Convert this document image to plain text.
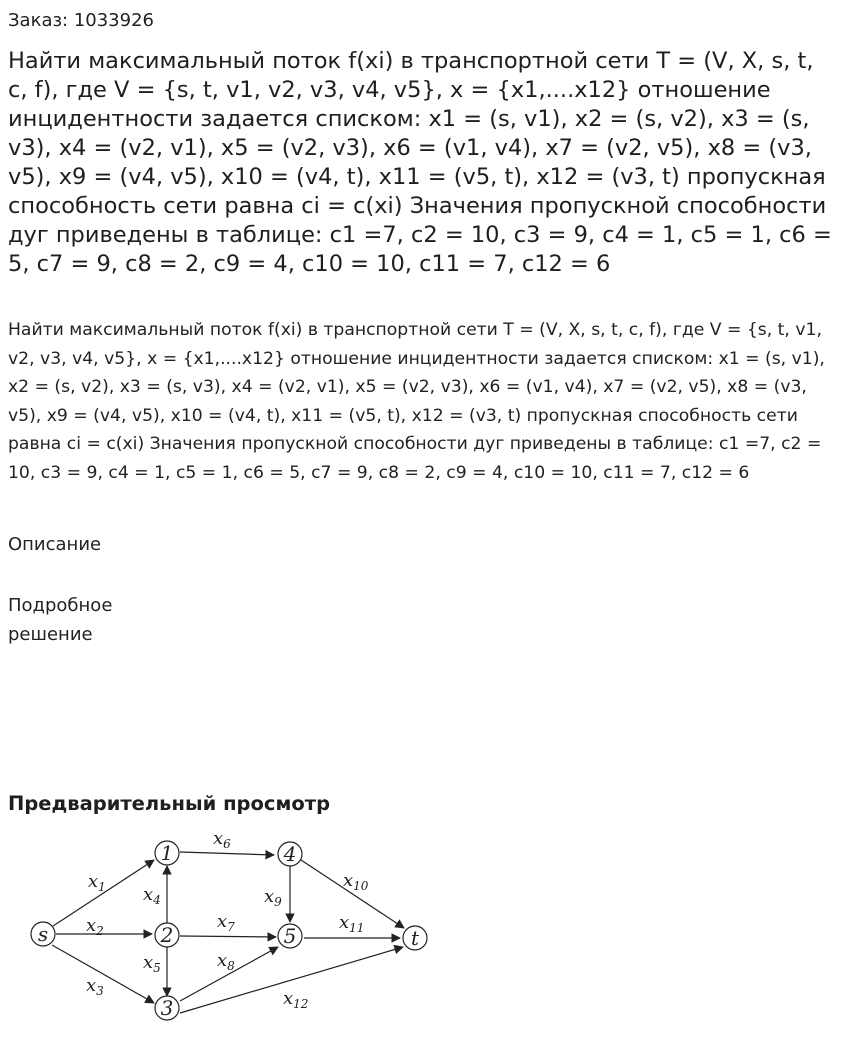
Заказ: 1033926
Найти максимальный поток f(xi) в транспортной сети T = (V, X, s, t, c, f), где V = {s, t, v1, v2, v3, v4, v5}, x = {x1,....x12} отношение инцидентности задается списком: x1 = (s, v1), x2 = (s, v2), x3 = (s, v3), x4 = (v2, v1), x5 = (v2, v3), x6 = (v1, v4), x7 = (v2, v5), x8 = (v3, v5), x9 = (v4, v5), x10 = (v4, t), x11 = (v5, t), x12 = (v3, t) пропускная способность сети равна ci = c(xi) Значения пропускной способности дуг приведены в таблице: c1 =7, c2 = 10, c3 = 9, c4 = 1, c5 = 1, c6 = 5, c7 = 9, c8 = 2, c9 = 4, c10 = 10, c11 = 7, c12 = 6

Найти максимальный поток f(xi) в транспортной сети T = (V, X, s, t, c, f), где V = {s, t, v1, v2, v3, v4, v5}, x = {x1,....x12} отношение инцидентности задается списком: x1 = (s, v1), x2 = (s, v2), x3 = (s, v3), x4 = (v2, v1), x5 = (v2, v3), x6 = (v1, v4), x7 = (v2, v5), x8 = (v3, v5), x9 = (v4, v5), x10 = (v4, t), x11 = (v5, t), x12 = (v3, t) пропускная способность сети равна ci = c(xi) Значения пропускной способности дуг приведены в таблице: c1 =7, c2 = 10, c3 = 9, c4 = 1, c5 = 1, c6 = 5, c7 = 9, c8 = 2, c9 = 4, c10 = 10, c11 = 7, c12 = 6

Описание
Подробное решение
Предварительный просмотр
s
1
2
3
4
5	t
$x_1$
$x_2$
$x_3$
$x_4$
$x_5$
$x_6$
$x_7$
$x_8$
$x_9$
$x_{10}$
$x_{11}$
$x_{12}$
